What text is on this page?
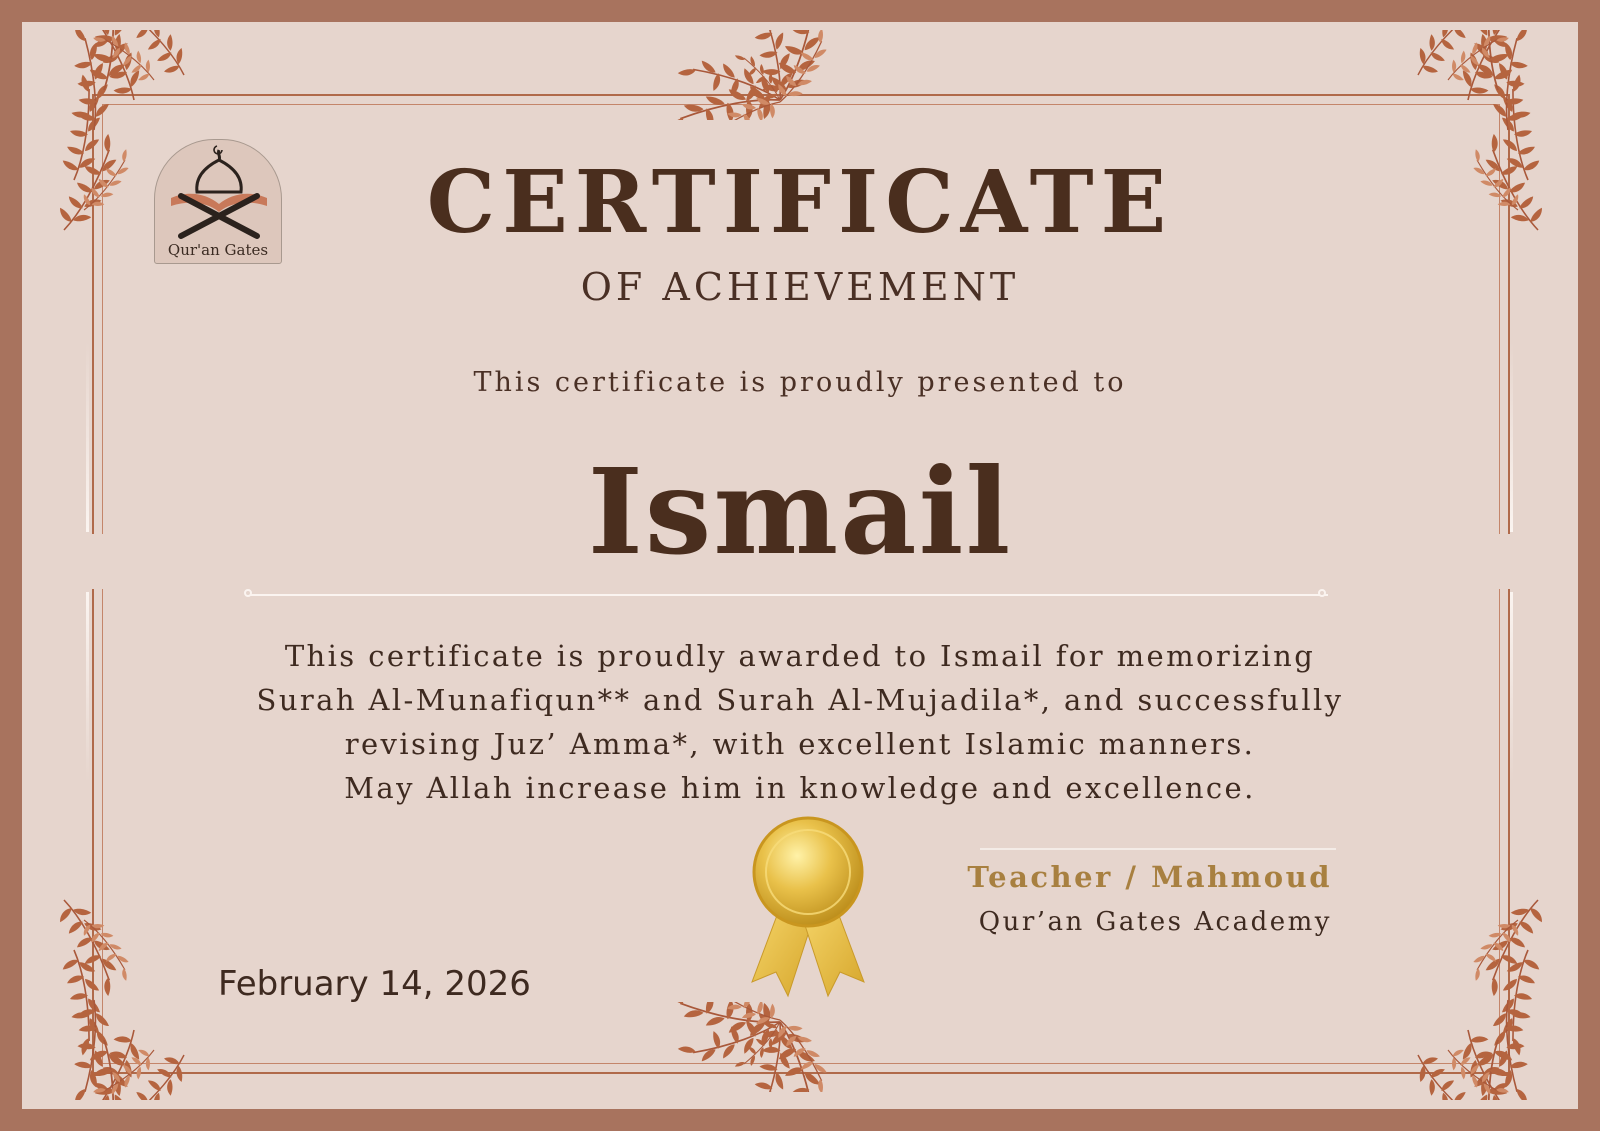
Qur'an Gates	CERTIFICATE
OF ACHIEVEMENT
This certificate is proudly presented to
Ismail
This certificate is proudly awarded to Ismail for memorizing
Surah Al-Munafiqun** and Surah Al-Mujadila*, and successfully
revising Juz’ Amma*, with excellent Islamic manners.
May Allah increase him in knowledge and excellence.
February 14, 2026
Teacher / Mahmoud
Qur’an Gates Academy
